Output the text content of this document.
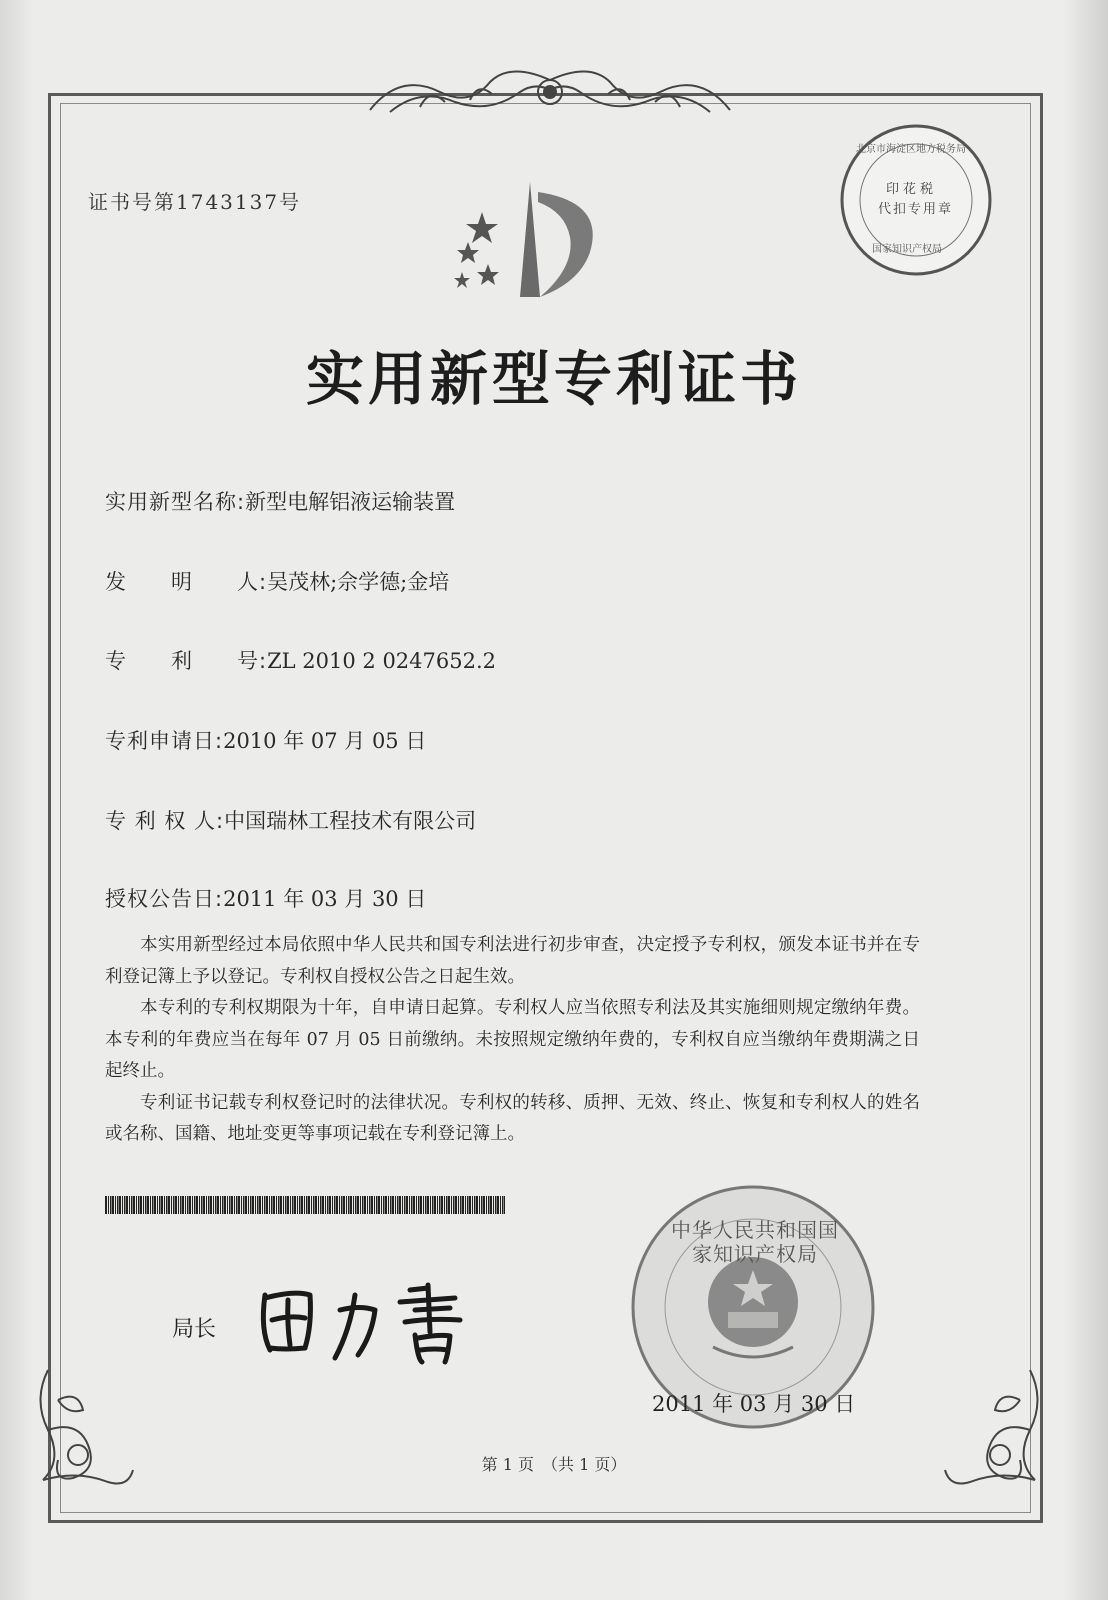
证书号第1743137号
印花税
代扣专用章
北京市海淀区地方税务局
国家知识产权局
实用新型专利证书
实用新型名称:新型电解铝液运输装置
发　　明　　人:吴茂林;佘学德;金培
专　　利　　号:ZL 2010 2 0247652.2
专利申请日:2010 年 07 月 05 日
专 利 权 人:中国瑞林工程技术有限公司
授权公告日:2011 年 03 月 30 日

本实用新型经过本局依照中华人民共和国专利法进行初步审查，决定授予专利权，颁发本证书并在专利登记簿上予以登记。专利权自授权公告之日起生效。

本专利的专利权期限为十年，自申请日起算。专利权人应当依照专利法及其实施细则规定缴纳年费。本专利的年费应当在每年 07 月 05 日前缴纳。未按照规定缴纳年费的，专利权自应当缴纳年费期满之日起终止。

专利证书记载专利权登记时的法律状况。专利权的转移、质押、无效、终止、恢复和专利权人的姓名或名称、国籍、地址变更等事项记载在专利登记簿上。

局长
中华人民共和国国家知识产权局
2011 年 03 月 30 日
第 1 页　（共 1 页）
